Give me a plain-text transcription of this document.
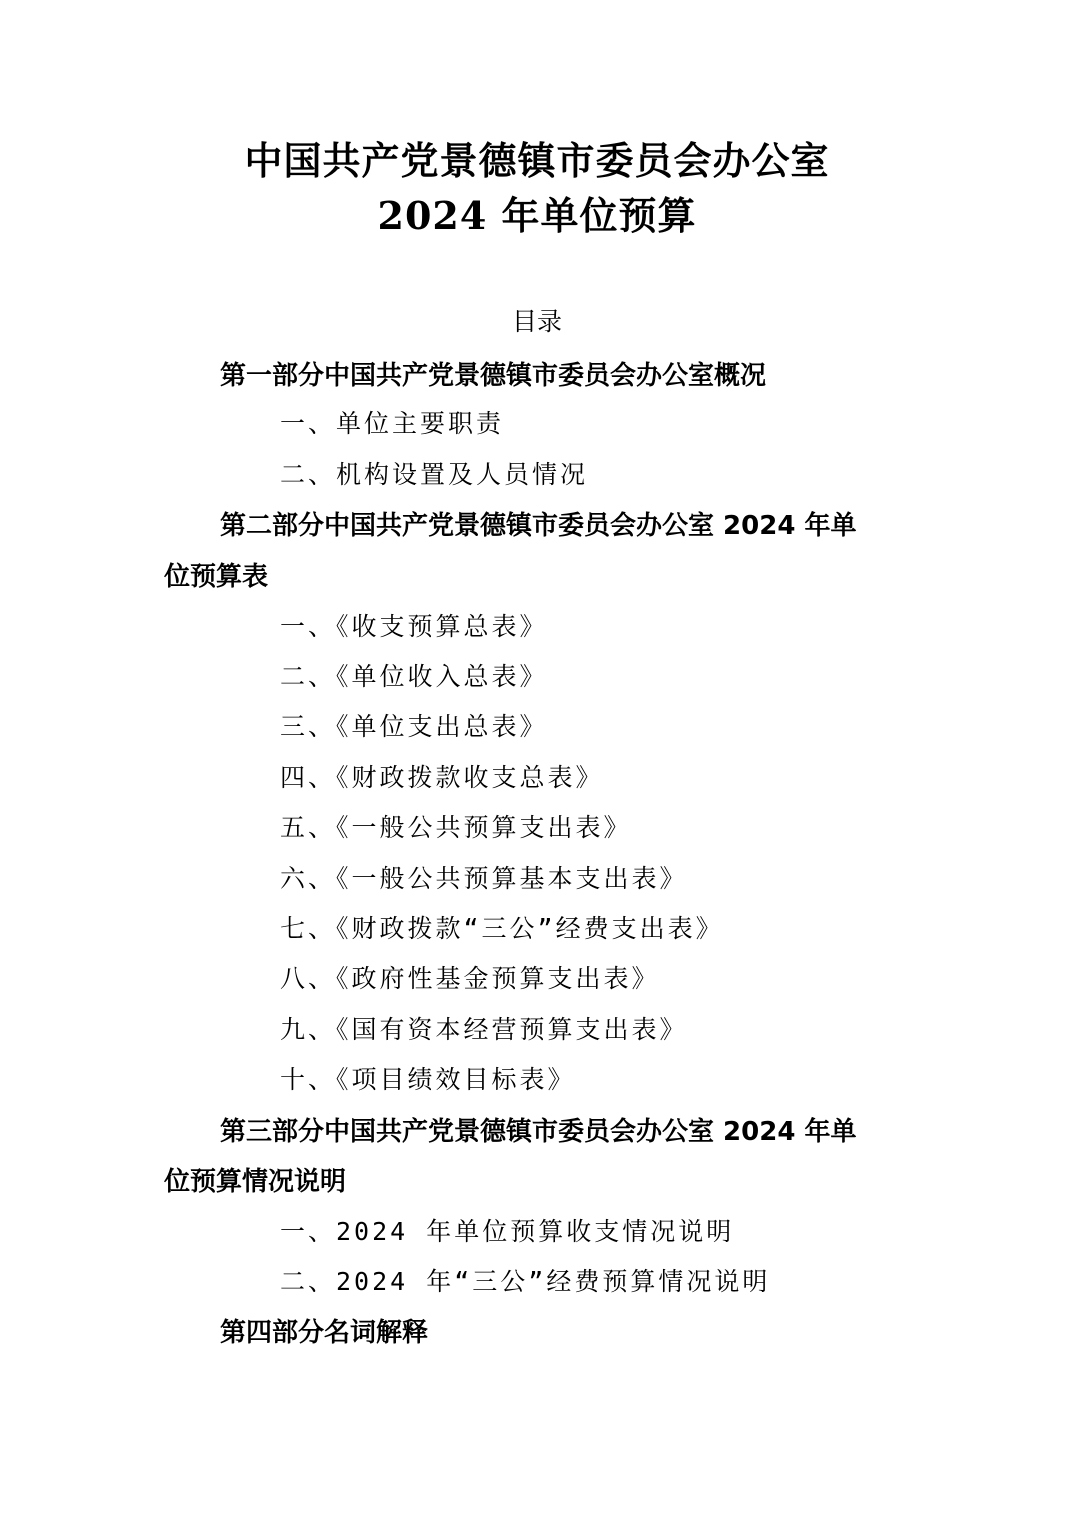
中国共产党景德镇市委员会办公室
2024 年单位预算
目录
第一部分中国共产党景德镇市委员会办公室概况
一、单位主要职责
二、机构设置及人员情况
第二部分中国共产党景德镇市委员会办公室 2024 年单
位预算表
一、《收支预算总表》
二、《单位收入总表》
三、《单位支出总表》
四、《财政拨款收支总表》
五、《一般公共预算支出表》
六、《一般公共预算基本支出表》
七、《财政拨款“三公”经费支出表》
八、《政府性基金预算支出表》
九、《国有资本经营预算支出表》
十、《项目绩效目标表》
第三部分中国共产党景德镇市委员会办公室 2024 年单
位预算情况说明
一、2024 年单位预算收支情况说明
二、2024 年“三公”经费预算情况说明
第四部分名词解释
